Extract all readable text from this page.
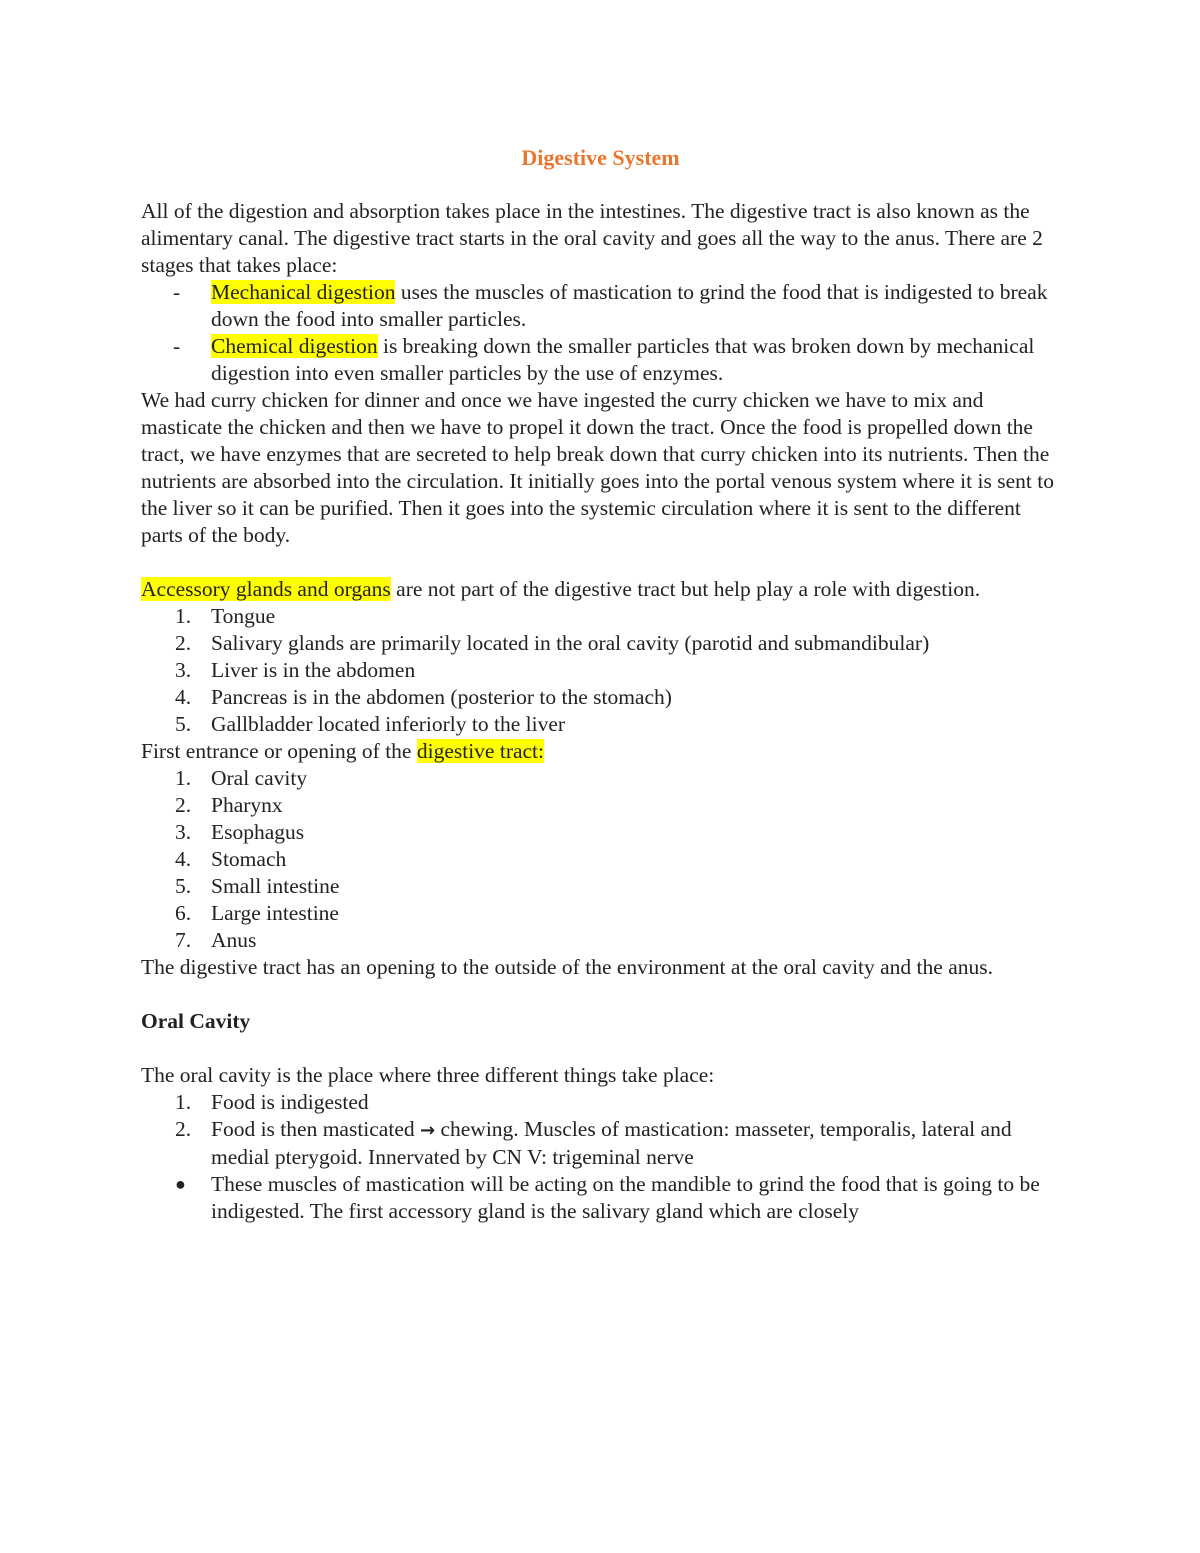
Digestive System

All of the digestion and absorption takes place in the intestines. The digestive tract is also known as the alimentary canal. The digestive tract starts in the oral cavity and goes all the way to the anus. There are 2 stages that takes place:

- Mechanical digestion uses the muscles of mastication to grind the food that is indigested to break down the food into smaller particles.
- Chemical digestion is breaking down the smaller particles that was broken down by mechanical digestion into even smaller particles by the use of enzymes.

We had curry chicken for dinner and once we have ingested the curry chicken we have to mix and masticate the chicken and then we have to propel it down the tract. Once the food is propelled down the tract, we have enzymes that are secreted to help break down that curry chicken into its nutrients. Then the nutrients are absorbed into the circulation. It initially goes into the portal venous system where it is sent to the liver so it can be purified. Then it goes into the systemic circulation where it is sent to the different parts of the body.

Accessory glands and organs are not part of the digestive tract but help play a role with digestion.

1. Tongue
2. Salivary glands are primarily located in the oral cavity (parotid and submandibular)
3. Liver is in the abdomen
4. Pancreas is in the abdomen (posterior to the stomach)
5. Gallbladder located inferiorly to the liver

First entrance or opening of the digestive tract:

1. Oral cavity
2. Pharynx
3. Esophagus
4. Stomach
5. Small intestine
6. Large intestine
7. Anus

The digestive tract has an opening to the outside of the environment at the oral cavity and the anus.

Oral Cavity

The oral cavity is the place where three different things take place:

1. Food is indigested
2. Food is then masticated → chewing. Muscles of mastication: masseter, temporalis, lateral and medial pterygoid. Innervated by CN V: trigeminal nerve
● These muscles of mastication will be acting on the mandible to grind the food that is going to be indigested. The first accessory gland is the salivary gland which are closely
